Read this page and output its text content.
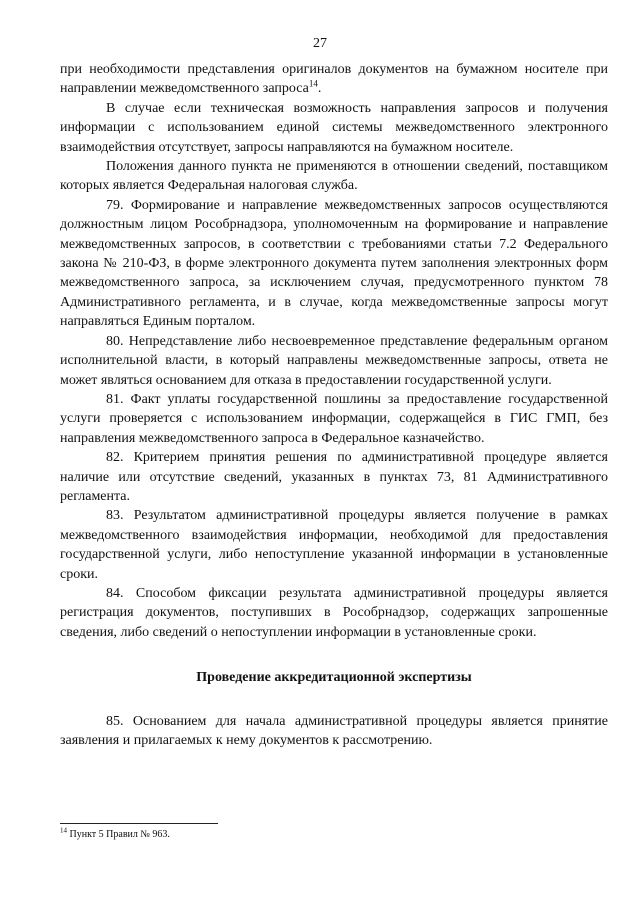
27

при необходимости представления оригиналов документов на бумажном носителе при направлении межведомственного запроса$^{14}$.

В случае если техническая возможность направления запросов и получения информации с использованием единой системы межведомственного электронного взаимодействия отсутствует, запросы направляются на бумажном носителе.

Положения данного пункта не применяются в отношении сведений, поставщиком которых является Федеральная налоговая служба.

79. Формирование и направление межведомственных запросов осуществляются должностным лицом Рособрнадзора, уполномоченным на формирование и направление межведомственных запросов, в соответствии с требованиями статьи 7.2 Федерального закона № 210-ФЗ, в форме электронного документа путем заполнения электронных форм межведомственного запроса, за исключением случая, предусмотренного пунктом 78 Административного регламента, и в случае, когда межведомственные запросы могут направляться Единым порталом.

80. Непредставление либо несвоевременное представление федеральным органом исполнительной власти, в который направлены межведомственные запросы, ответа не может являться основанием для отказа в предоставлении государственной услуги.

81. Факт уплаты государственной пошлины за предоставление государственной услуги проверяется с использованием информации, содержащейся в ГИС ГМП, без направления межведомственного запроса в Федеральное казначейство.

82. Критерием принятия решения по административной процедуре является наличие или отсутствие сведений, указанных в пунктах 73, 81 Административного регламента.

83. Результатом административной процедуры является получение в рамках межведомственного взаимодействия информации, необходимой для предоставления государственной услуги, либо непоступление указанной информации в установленные сроки.

84. Способом фиксации результата административной процедуры является регистрация документов, поступивших в Рособрнадзор, содержащих запрошенные сведения, либо сведений о непоступлении информации в установленные сроки.

Проведение аккредитационной экспертизы

85. Основанием для начала административной процедуры является принятие заявления и прилагаемых к нему документов к рассмотрению.

$^{14}$ Пункт 5 Правил № 963.
